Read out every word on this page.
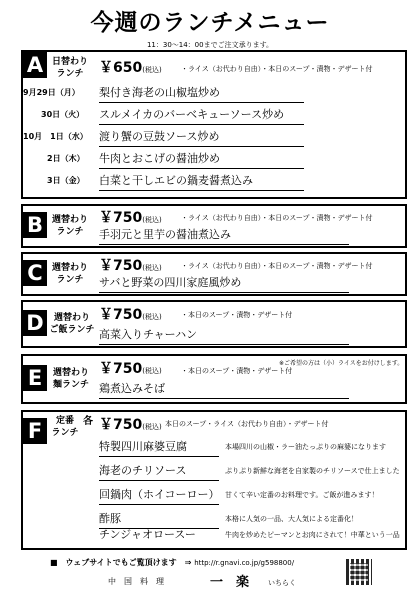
今週のランチメニュー
11：30～14：00までご注文承ります。
A 日替わり
ランチ	￥650(税込)	・ライス（お代わり自由）・本日のスープ・漬物・デザート付
9月29日（月） 梨付き海老の山椒塩炒め
30日（火） スルメイカのバーベキューソース炒め
10月　1日（水） 渡り蟹の豆鼓ソース炒め
2日（木） 牛肉とおこげの醤油炒め
3日（金） 白菜と干しエビの鍋麦醤煮込み
B 週替わり
ランチ
￥750(税込)	・ライス（お代わり自由）・本日のスープ・漬物・デザート付
手羽元と里芋の醤油煮込み
C	週替わり
ランチ
￥750(税込)	・ライス（お代わり自由）・本日のスープ・漬物・デザート付
サバと野菜の四川家庭風炒め
D	週替わり
ご飯ランチ
￥750(税込)	・本日のスープ・漬物・デザート付
高菜入りチャーハン
E	週替わり
麺ランチ
￥750(税込)
※ご希望の方は（小）ライスをお付けします。
・本日のスープ・漬物・デザート付
鶏煮込みそば
F	定番
ランチ
各 ￥750(税込) 本日のスープ・ライス（お代わり自由）・デザート付
特製四川麻婆豆腐	本場四川の山椒・ラー油たっぷりの麻婆になります
海老のチリソース	ぷりぷり新鮮な海老を自家製のチリソースで仕上ました
回鍋肉（ホイコーロー） 甘くて辛い定番のお料理です。ご飯が進みます！
酢豚	本格に人気の一品、大人気による定番化！
チンジャオロースー	牛肉を炒めたピーマンとお肉にされて！中華という一品
■　ウェブサイトでもご覧頂けます　⇒ http://r.gnavi.co.jp/g598800/
中　国　料　理	一　楽	いちらく
